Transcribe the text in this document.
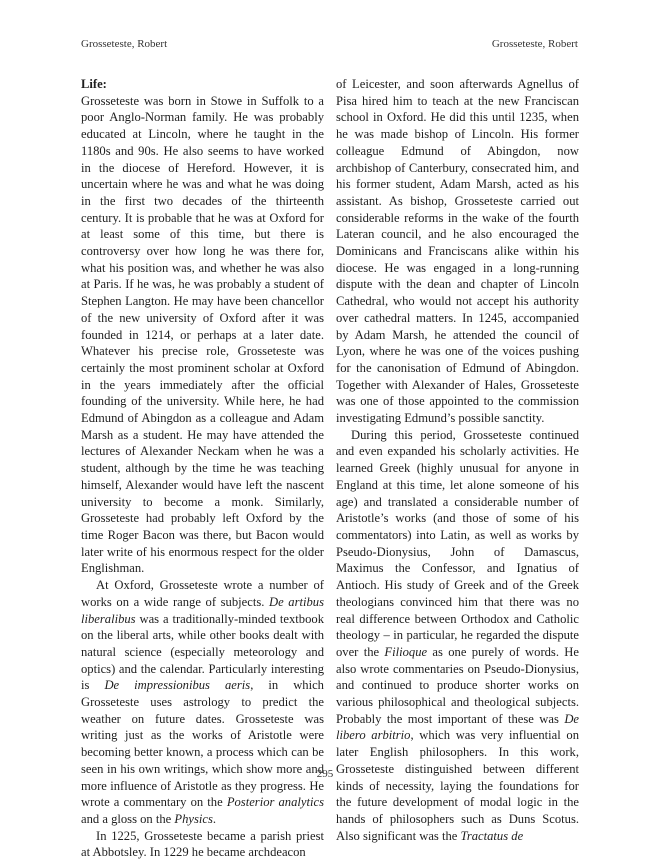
Grosseteste, Robert	Grosseteste, Robert

Life:

Grosseteste was born in Stowe in Suffolk to a poor Anglo-Norman family. He was probably educated at Lincoln, where he taught in the 1180s and 90s. He also seems to have worked in the diocese of Hereford. However, it is uncertain where he was and what he was doing in the first two decades of the thirteenth century. It is probable that he was at Oxford for at least some of this time, but there is controversy over how long he was there for, what his position was, and whether he was also at Paris. If he was, he was probably a student of Stephen Langton. He may have been chancellor of the new university of Oxford after it was founded in 1214, or perhaps at a later date. Whatever his precise role, Grosseteste was certainly the most prominent scholar at Oxford in the years immediately after the official founding of the university. While here, he had Edmund of Abingdon as a colleague and Adam Marsh as a student. He may have attended the lectures of Alexander Neckam when he was a student, although by the time he was teaching himself, Alexander would have left the nascent university to become a monk. Similarly, Grosseteste had probably left Oxford by the time Roger Bacon was there, but Bacon would later write of his enormous respect for the older Englishman.

At Oxford, Grosseteste wrote a number of works on a wide range of subjects. De artibus liberalibus was a traditionally-minded textbook on the liberal arts, while other books dealt with natural science (especially meteorology and optics) and the calendar. Particularly interesting is De impressionibus aeris, in which Grosseteste uses astrology to predict the weather on future dates. Grosseteste was writing just as the works of Aristotle were becoming better known, a process which can be seen in his own writings, which show more and more influence of Aristotle as they progress. He wrote a commentary on the Posterior analytics and a gloss on the Physics.

In 1225, Grosseteste became a parish priest at Abbotsley. In 1229 he became archdeacon

of Leicester, and soon afterwards Agnellus of Pisa hired him to teach at the new Franciscan school in Oxford. He did this until 1235, when he was made bishop of Lincoln. His former colleague Edmund of Abingdon, now archbishop of Canterbury, consecrated him, and his former student, Adam Marsh, acted as his assistant. As bishop, Grosseteste carried out considerable reforms in the wake of the fourth Lateran council, and he also encouraged the Dominicans and Franciscans alike within his diocese. He was engaged in a long-running dispute with the dean and chapter of Lincoln Cathedral, who would not accept his authority over cathedral matters. In 1245, accompanied by Adam Marsh, he attended the council of Lyon, where he was one of the voices pushing for the canonisation of Edmund of Abingdon. Together with Alexander of Hales, Grosseteste was one of those appointed to the commission investigating Edmund’s possible sanctity.

During this period, Grosseteste continued and even expanded his scholarly activities. He learned Greek (highly unusual for anyone in England at this time, let alone someone of his age) and translated a considerable number of Aristotle’s works (and those of some of his commentators) into Latin, as well as works by Pseudo-Dionysius, John of Damascus, Maximus the Confessor, and Ignatius of Antioch. His study of Greek and of the Greek theologians convinced him that there was no real difference between Orthodox and Catholic theology – in particular, he regarded the dispute over the Filioque as one purely of words. He also wrote commentaries on Pseudo-Dionysius, and continued to produce shorter works on various philosophical and theological subjects. Probably the most important of these was De libero arbitrio, which was very influential on later English philosophers. In this work, Grosseteste distinguished between different kinds of necessity, laying the foundations for the future development of modal logic in the hands of philosophers such as Duns Scotus. Also significant was the Tractatus de

295
